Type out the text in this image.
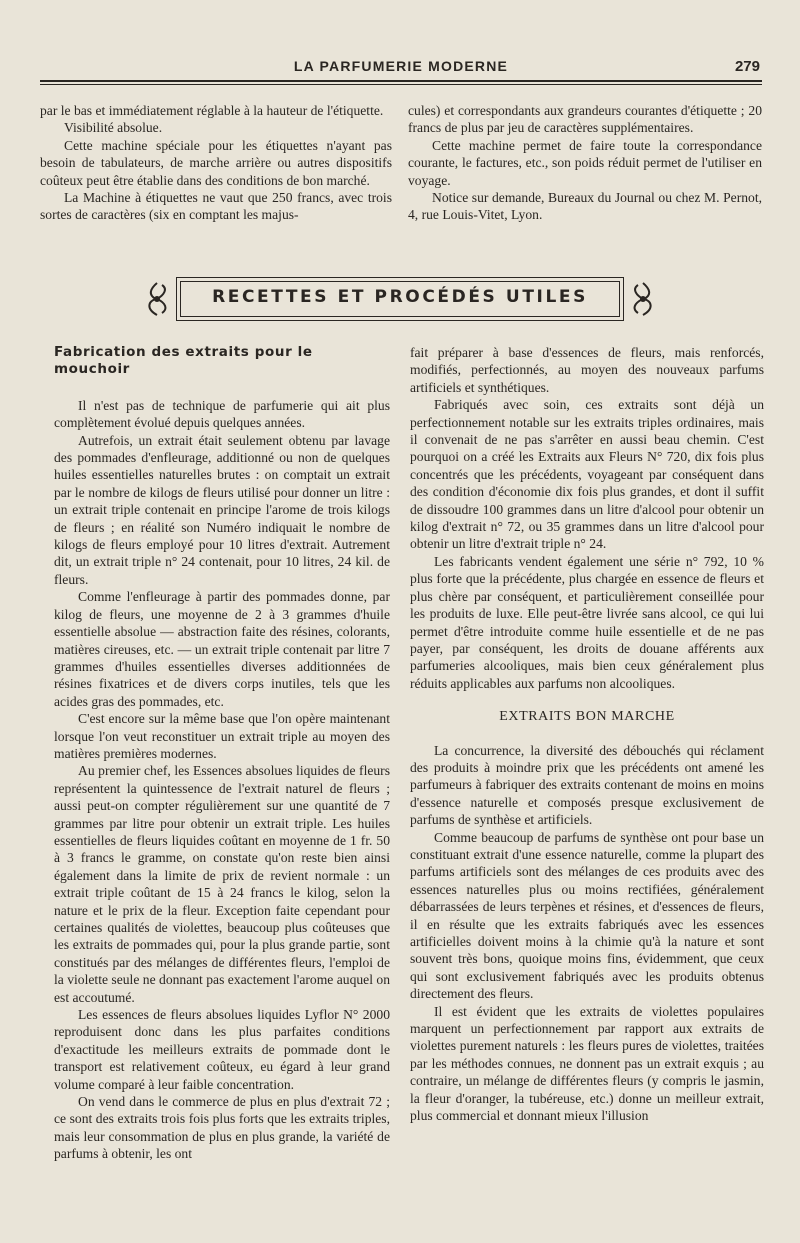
LA PARFUMERIE MODERNE	279

par le bas et immédiatement réglable à la hauteur de l'étiquette.

Visibilité absolue.

Cette machine spéciale pour les étiquettes n'ayant pas besoin de tabulateurs, de marche arrière ou autres dispositifs coûteux peut être établie dans des conditions de bon marché.

La Machine à étiquettes ne vaut que 250 francs, avec trois sortes de caractères (six en comptant les majus-

cules) et correspondants aux grandeurs courantes d'étiquette ; 20 francs de plus par jeu de caractères supplémentaires.

Cette machine permet de faire toute la correspondance courante, le factures, etc., son poids réduit permet de l'utiliser en voyage.

Notice sur demande, Bureaux du Journal ou chez M. Pernot, 4, rue Louis-Vitet, Lyon.

RECETTES ET PROCÉDÉS UTILES
Fabrication des extraits pour le mouchoir

Il n'est pas de technique de parfumerie qui ait plus complètement évolué depuis quelques années.

Autrefois, un extrait était seulement obtenu par lavage des pommades d'enfleurage, additionné ou non de quelques huiles essentielles naturelles brutes : on comptait un extrait par le nombre de kilogs de fleurs utilisé pour donner un litre : un extrait triple contenait en principe l'arome de trois kilogs de fleurs ; en réalité son Numéro indiquait le nombre de kilogs de fleurs employé pour 10 litres d'extrait. Autrement dit, un extrait triple n° 24 contenait, pour 10 litres, 24 kil. de fleurs.

Comme l'enfleurage à partir des pommades donne, par kilog de fleurs, une moyenne de 2 à 3 grammes d'huile essentielle absolue — abstraction faite des résines, colorants, matières cireuses, etc. — un extrait triple contenait par litre 7 grammes d'huiles essentielles diverses additionnées de résines fixatrices et de divers corps inutiles, tels que les acides gras des pommades, etc.

C'est encore sur la même base que l'on opère maintenant lorsque l'on veut reconstituer un extrait triple au moyen des matières premières modernes.

Au premier chef, les Essences absolues liquides de fleurs représentent la quintessence de l'extrait naturel de fleurs ; aussi peut-on compter régulièrement sur une quantité de 7 grammes par litre pour obtenir un extrait triple. Les huiles essentielles de fleurs liquides coûtant en moyenne de 1 fr. 50 à 3 francs le gramme, on constate qu'on reste bien ainsi également dans la limite de prix de revient normale : un extrait triple coûtant de 15 à 24 francs le kilog, selon la nature et le prix de la fleur. Exception faite cependant pour certaines qualités de violettes, beaucoup plus coûteuses que les extraits de pommades qui, pour la plus grande partie, sont constitués par des mélanges de différentes fleurs, l'emploi de la violette seule ne donnant pas exactement l'arome auquel on est accoutumé.

Les essences de fleurs absolues liquides Lyflor N° 2000 reproduisent donc dans les plus parfaites conditions d'exactitude les meilleurs extraits de pommade dont le transport est relativement coûteux, eu égard à leur grand volume comparé à leur faible concentration.

On vend dans le commerce de plus en plus d'extrait 72 ; ce sont des extraits trois fois plus forts que les extraits triples, mais leur consommation de plus en plus grande, la variété de parfums à obtenir, les ont

fait préparer à base d'essences de fleurs, mais renforcés, modifiés, perfectionnés, au moyen des nouveaux parfums artificiels et synthétiques.

Fabriqués avec soin, ces extraits sont déjà un perfectionnement notable sur les extraits triples ordinaires, mais il convenait de ne pas s'arrêter en aussi beau chemin. C'est pourquoi on a créé les Extraits aux Fleurs N° 720, dix fois plus concentrés que les précédents, voyageant par conséquent dans des condition d'économie dix fois plus grandes, et dont il suffit de dissoudre 100 grammes dans un litre d'alcool pour obtenir un kilog d'extrait n° 72, ou 35 grammes dans un litre d'alcool pour obtenir un litre d'extrait triple n° 24.

Les fabricants vendent également une série n° 792, 10 % plus forte que la précédente, plus chargée en essence de fleurs et plus chère par conséquent, et particulièrement conseillée pour les produits de luxe. Elle peut-être livrée sans alcool, ce qui lui permet d'être introduite comme huile essentielle et de ne pas payer, par conséquent, les droits de douane afférents aux parfumeries alcooliques, mais bien ceux généralement plus réduits applicables aux parfums non alcooliques.

EXTRAITS BON MARCHE

La concurrence, la diversité des débouchés qui réclament des produits à moindre prix que les précédents ont amené les parfumeurs à fabriquer des extraits contenant de moins en moins d'essence naturelle et composés presque exclusivement de parfums de synthèse et artificiels.

Comme beaucoup de parfums de synthèse ont pour base un constituant extrait d'une essence naturelle, comme la plupart des parfums artificiels sont des mélanges de ces produits avec des essences naturelles plus ou moins rectifiées, généralement débarrassées de leurs terpènes et résines, et d'essences de fleurs, il en résulte que les extraits fabriqués avec les essences artificielles doivent moins à la chimie qu'à la nature et sont souvent très bons, quoique moins fins, évidemment, que ceux qui sont exclusivement fabriqués avec les produits obtenus directement des fleurs.

Il est évident que les extraits de violettes populaires marquent un perfectionnement par rapport aux extraits de violettes purement naturels : les fleurs pures de violettes, traitées par les méthodes connues, ne donnent pas un extrait exquis ; au contraire, un mélange de différentes fleurs (y compris le jasmin, la fleur d'oranger, la tubéreuse, etc.) donne un meilleur extrait, plus commercial et donnant mieux l'illusion
